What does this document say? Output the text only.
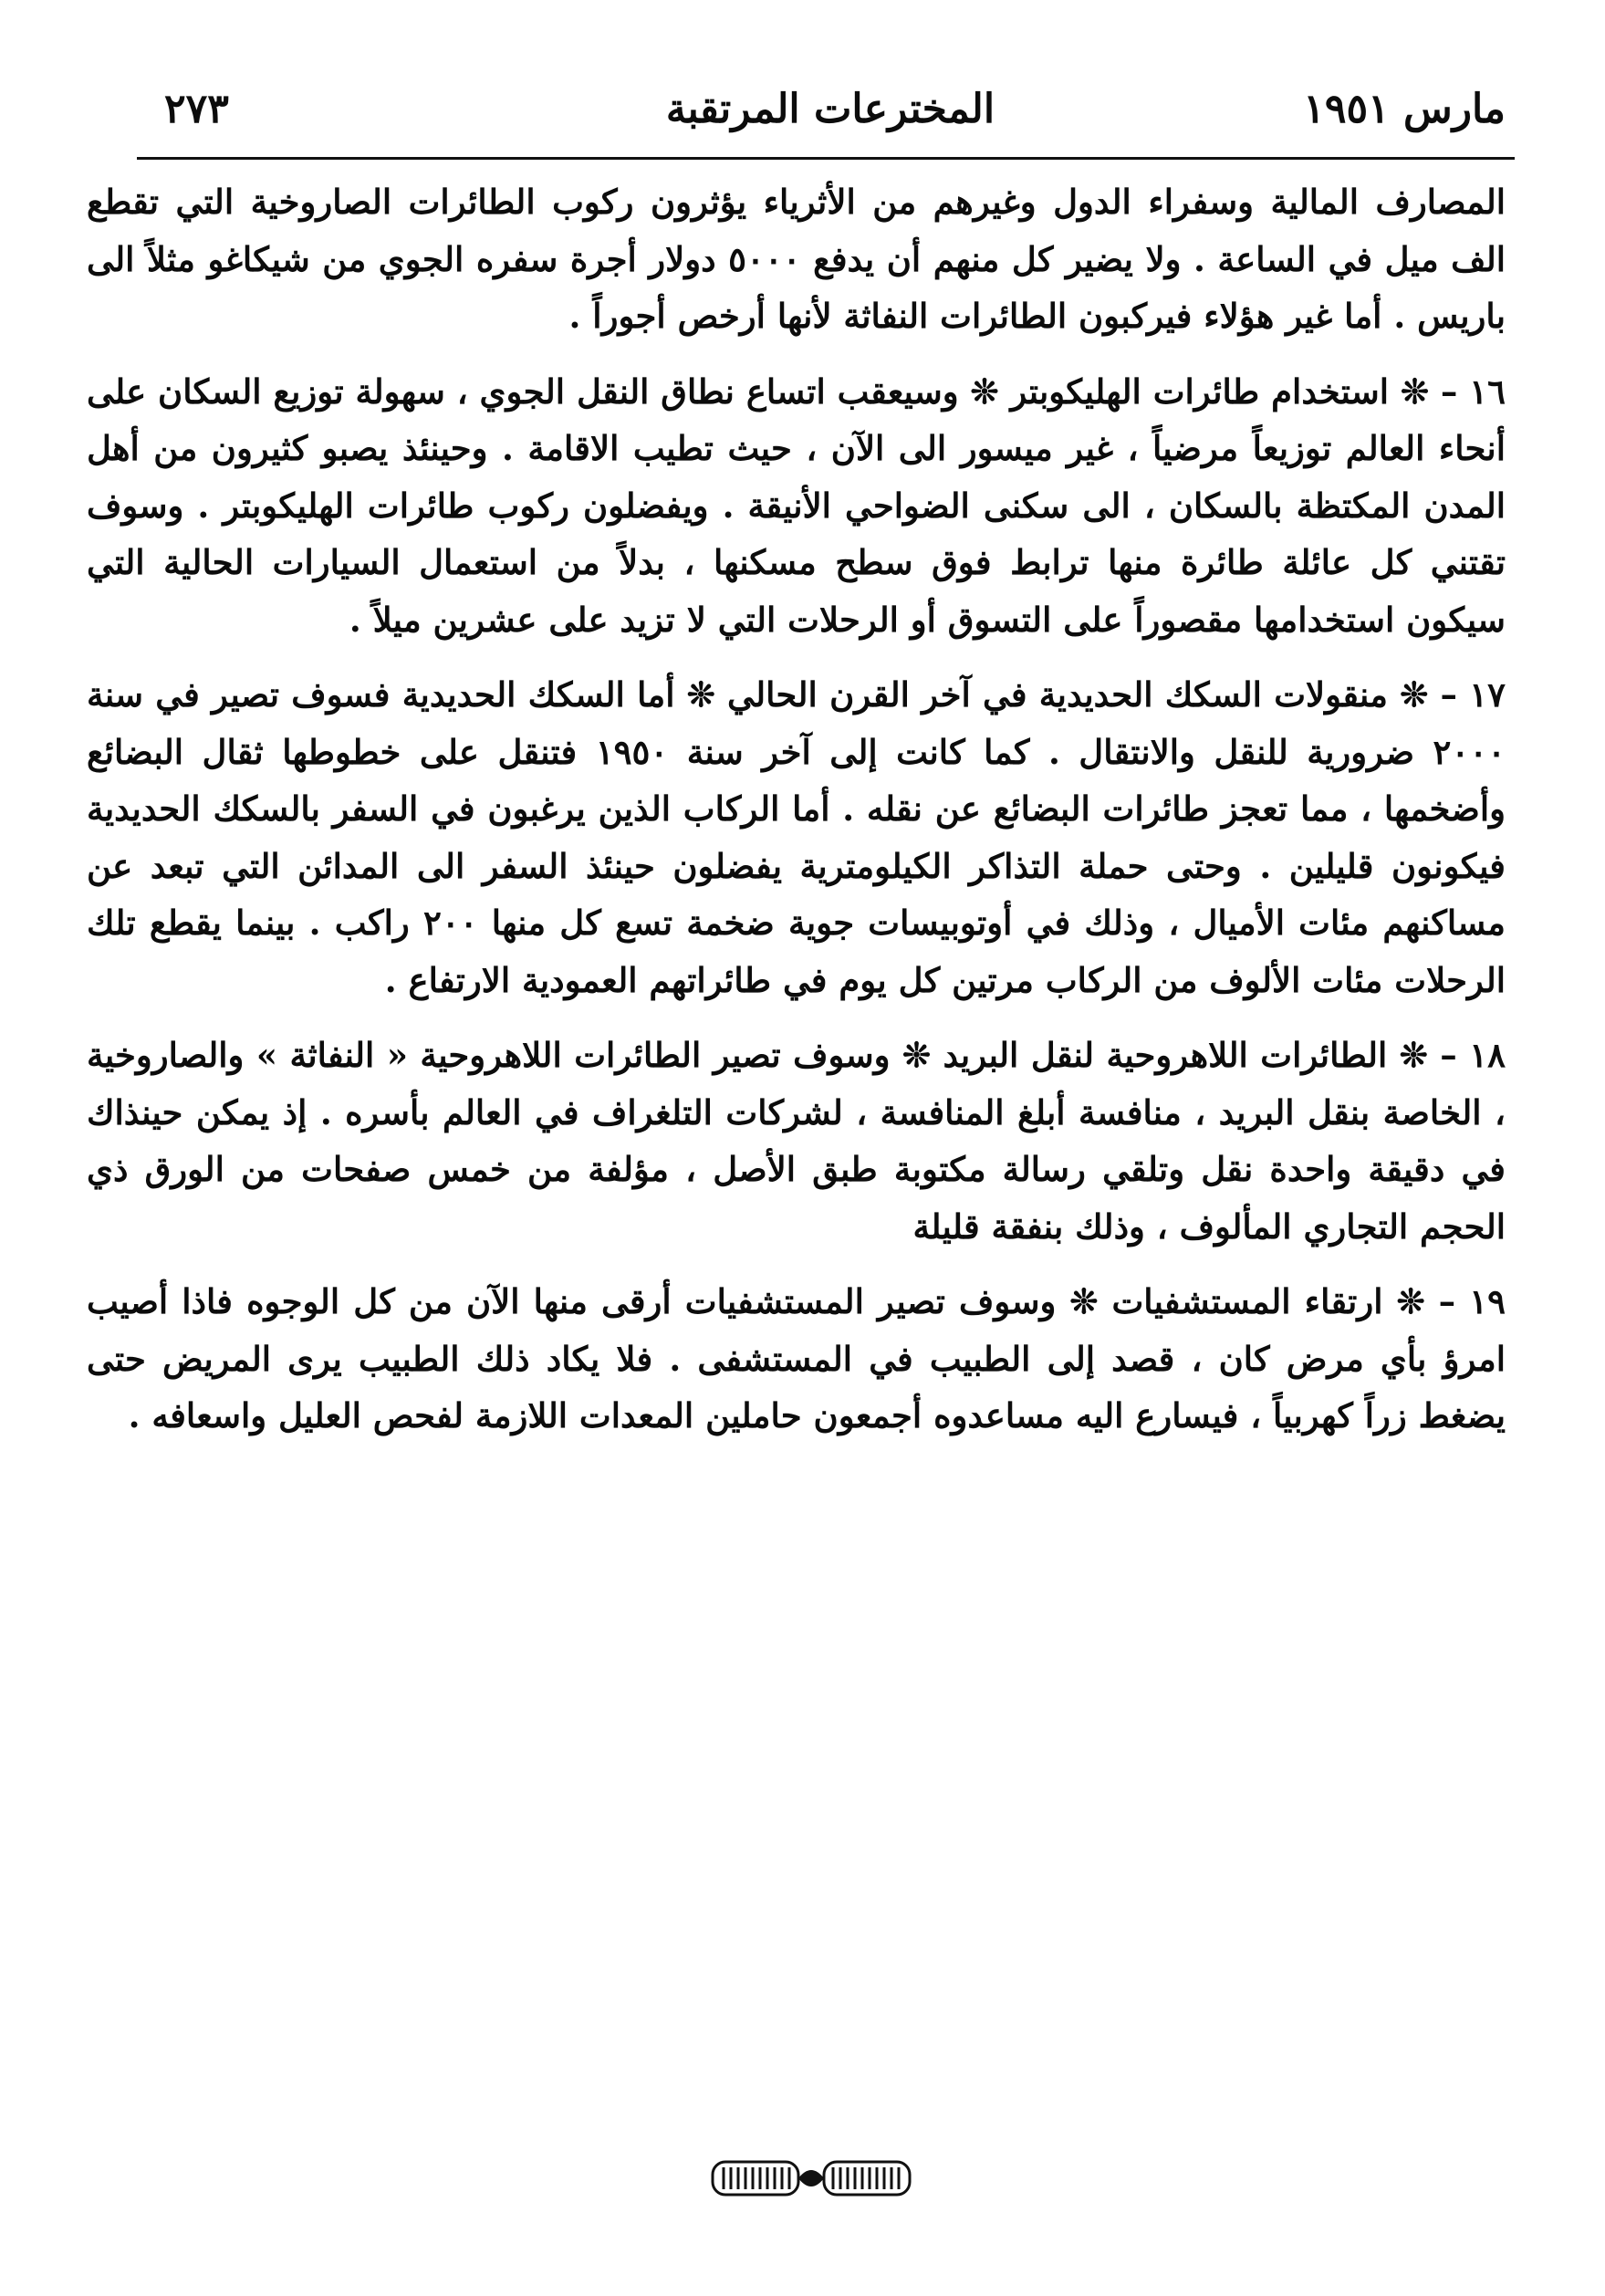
مارس ١٩٥١
المخترعات المرتقبة
٢٧٣

المصارف المالية وسفراء الدول وغيرهم من الأثرياء يؤثرون ركوب الطائرات الصاروخية التي تقطع الف ميل في الساعة . ولا يضير كل منهم أن يدفع ٥٠٠٠ دولار أجرة سفره الجوي من شيكاغو مثلاً الى باريس . أما غير هؤلاء فيركبون الطائرات النفاثة لأنها أرخص أجوراً .

١٦ – ❊ استخدام طائرات الهليكوبتر ❊ وسيعقب اتساع نطاق النقل الجوي ، سهولة توزيع السكان على أنحاء العالم توزيعاً مرضياً ، غير ميسور الى الآن ، حيث تطيب الاقامة . وحينئذ يصبو كثيرون من أهل المدن المكتظة بالسكان ، الى سكنى الضواحي الأنيقة . ويفضلون ركوب طائرات الهليكوبتر . وسوف تقتني كل عائلة طائرة منها ترابط فوق سطح مسكنها ، بدلاً من استعمال السيارات الحالية التي سيكون استخدامها مقصوراً على التسوق أو الرحلات التي لا تزيد على عشرين ميلاً .

١٧ – ❊ منقولات السكك الحديدية في آخر القرن الحالي ❊ أما السكك الحديدية فسوف تصير في سنة ٢٠٠٠ ضرورية للنقل والانتقال . كما كانت إلى آخر سنة ١٩٥٠ فتنقل على خطوطها ثقال البضائع وأضخمها ، مما تعجز طائرات البضائع عن نقله . أما الركاب الذين يرغبون في السفر بالسكك الحديدية فيكونون قليلين . وحتى حملة التذاكر الكيلومترية يفضلون حينئذ السفر الى المدائن التي تبعد عن مساكنهم مئات الأميال ، وذلك في أوتوبيسات جوية ضخمة تسع كل منها ٢٠٠ راكب . بينما يقطع تلك الرحلات مئات الألوف من الركاب مرتين كل يوم في طائراتهم العمودية الارتفاع .

١٨ – ❊ الطائرات اللاهروحية لنقل البريد ❊ وسوف تصير الطائرات اللاهروحية « النفاثة » والصاروخية ، الخاصة بنقل البريد ، منافسة أبلغ المنافسة ، لشركات التلغراف في العالم بأسره . إذ يمكن حينذاك في دقيقة واحدة نقل وتلقي رسالة مكتوبة طبق الأصل ، مؤلفة من خمس صفحات من الورق ذي الحجم التجاري المألوف ، وذلك بنفقة قليلة

١٩ – ❊ ارتقاء المستشفيات ❊ وسوف تصير المستشفيات أرقى منها الآن من كل الوجوه فاذا أصيب امرؤ بأي مرض كان ، قصد إلى الطبيب في المستشفى . فلا يكاد ذلك الطبيب يرى المريض حتى يضغط زراً كهربياً ، فيسارع اليه مساعدوه أجمعون حاملين المعدات اللازمة لفحص العليل واسعافه .
